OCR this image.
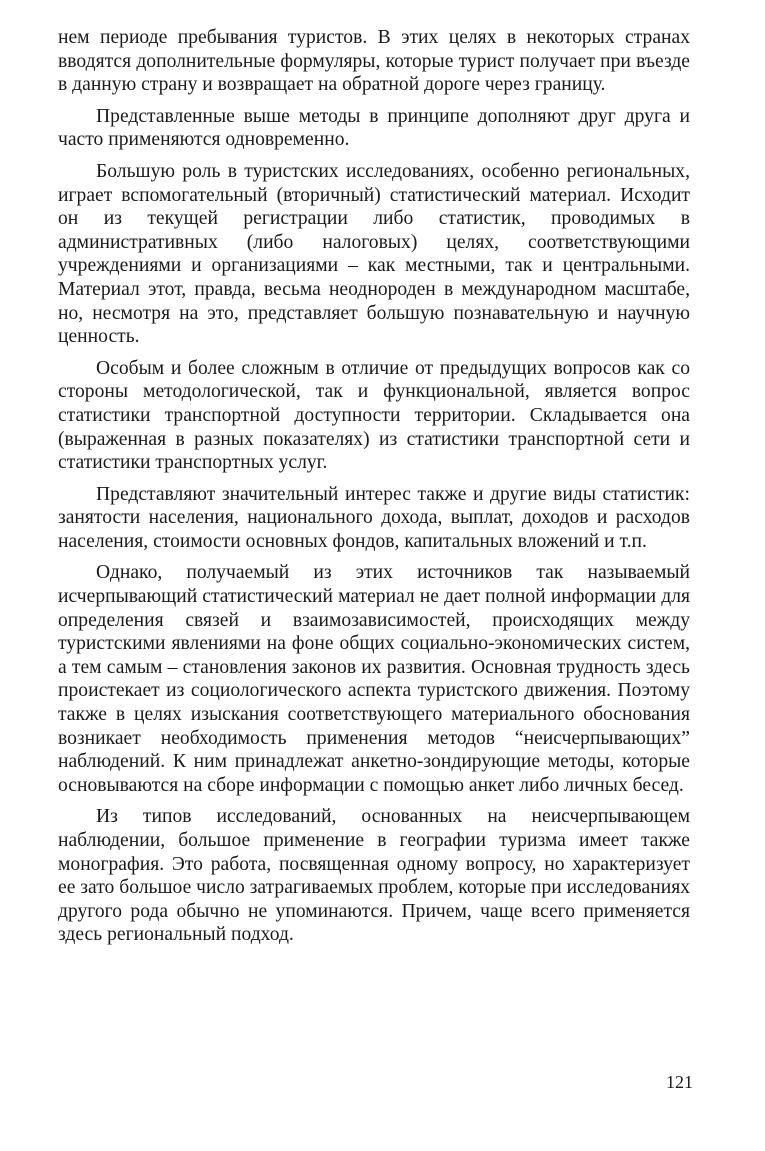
нем периоде пребывания туристов. В этих целях в некоторых странах вводятся дополнительные формуляры, которые турист получает при въезде в данную страну и возвращает на обратной дороге через границу.

Представленные выше методы в принципе дополняют друг друга и часто применяются одновременно.

Большую роль в туристских исследованиях, особенно региональных, играет вспомогательный (вторичный) статистический материал. Исходит он из текущей регистрации либо статистик, проводимых в административных (либо налоговых) целях, соответствующими учреждениями и организациями – как местными, так и центральными. Материал этот, правда, весьма неоднороден в международном масштабе, но, несмотря на это, представляет большую познавательную и научную ценность.

Особым и более сложным в отличие от предыдущих вопросов как со стороны методологической, так и функциональной, является вопрос статистики транспортной доступности территории. Складывается она (выраженная в разных показателях) из статистики транспортной сети и статистики транспортных услуг.

Представляют значительный интерес также и другие виды статистик: занятости населения, национального дохода, выплат, доходов и расходов населения, стоимости основных фондов, капитальных вложений и т.п.

Однако, получаемый из этих источников так называемый исчерпывающий статистический материал не дает полной информации для определения связей и взаимозависимостей, происходящих между туристскими явлениями на фоне общих социально-экономических систем, а тем самым – становления законов их развития. Основная трудность здесь проистекает из социологического аспекта туристского движения. Поэтому также в целях изыскания соответствующего материального обоснования возникает необходимость применения методов “неисчерпывающих” наблюдений. К ним принадлежат анкетно-зондирующие методы, которые основываются на сборе информации с помощью анкет либо личных бесед.

Из типов исследований, основанных на неисчерпывающем наблюдении, большое применение в географии туризма имеет также монография. Это работа, посвященная одному вопросу, но характеризует ее зато большое число затрагиваемых проблем, которые при исследованиях другого рода обычно не упоминаются. Причем, чаще всего применяется здесь региональный подход.

121
